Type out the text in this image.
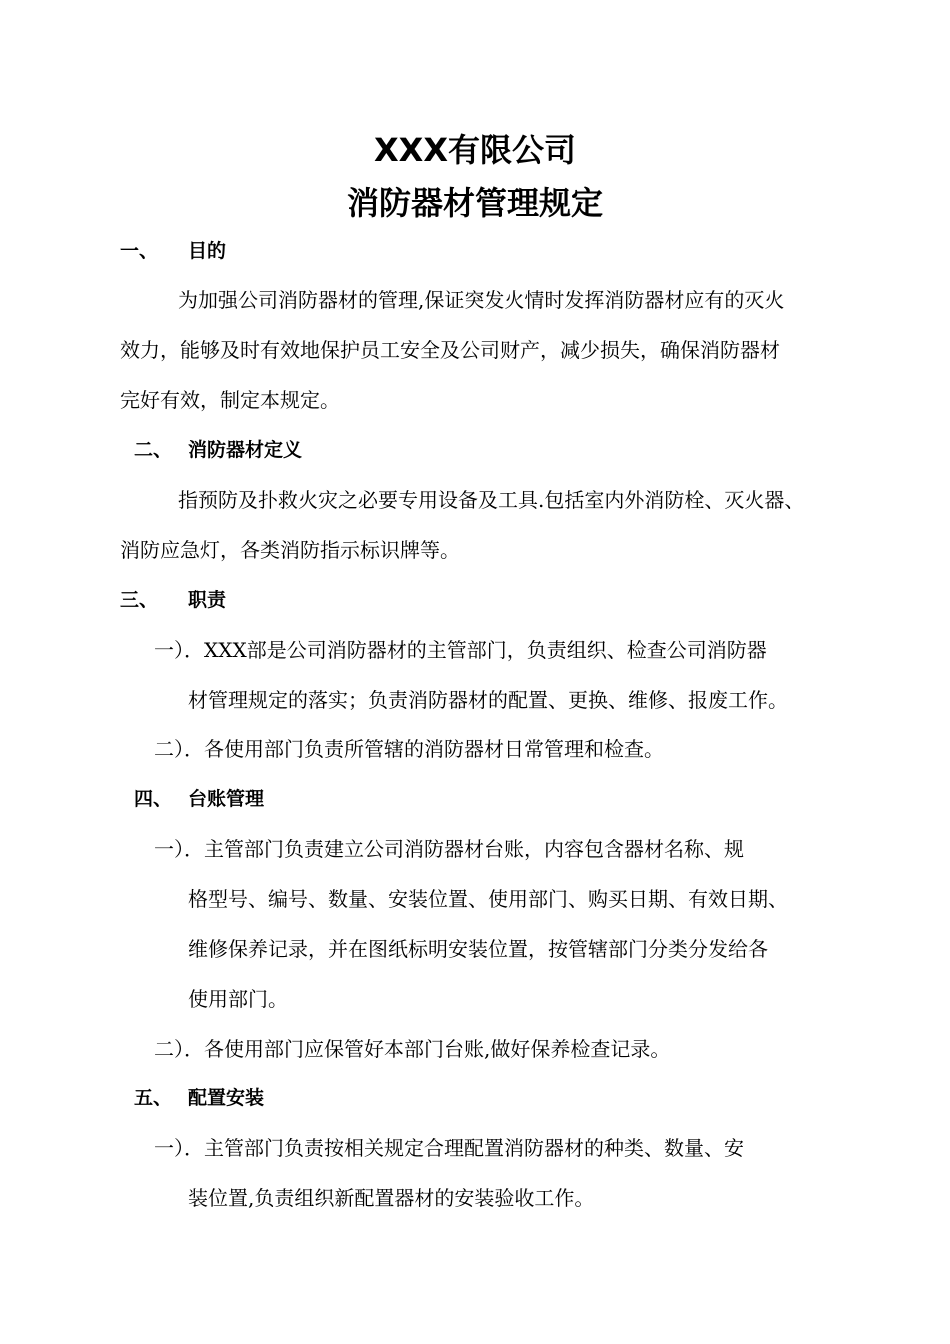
XXX有限公司
消防器材管理规定
一、 目的

为加强公司消防器材的管理,保证突发火情时发挥消防器材应有的灭火

效力，能够及时有效地保护员工安全及公司财产，减少损失，确保消防器材

完好有效，制定本规定。

二、 消防器材定义

指预防及扑救火灾之必要专用设备及工具.包括室内外消防栓、灭火器、

消防应急灯，各类消防指示标识牌等。

三、 职责

一）．XXX部是公司消防器材的主管部门，负责组织、检查公司消防器

材管理规定的落实；负责消防器材的配置、更换、维修、报废工作。

二）．各使用部门负责所管辖的消防器材日常管理和检查。

四、 台账管理

一）．主管部门负责建立公司消防器材台账，内容包含器材名称、规

格型号、编号、数量、安装位置、使用部门、购买日期、有效日期、

维修保养记录，并在图纸标明安装位置，按管辖部门分类分发给各

使用部门。

二）．各使用部门应保管好本部门台账,做好保养检查记录。

五、 配置安装

一）．主管部门负责按相关规定合理配置消防器材的种类、数量、安

装位置,负责组织新配置器材的安装验收工作。
